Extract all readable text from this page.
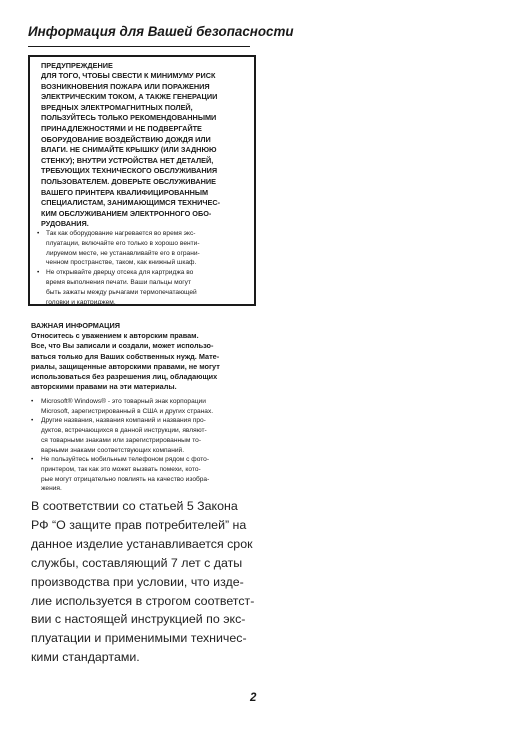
Информация для Вашей безопасности
ПРЕДУПРЕЖДЕНИЕ

ДЛЯ ТОГО, ЧТОБЫ СВЕСТИ К МИНИМУМУ РИСК
ВОЗНИКНОВЕНИЯ ПОЖАРА ИЛИ ПОРАЖЕНИЯ
ЭЛЕКТРИЧЕСКИМ ТОКОМ, А ТАКЖЕ ГЕНЕРАЦИИ
ВРЕДНЫХ ЭЛЕКТРОМАГНИТНЫХ ПОЛЕЙ,
ПОЛЬЗУЙТЕСЬ ТОЛЬКО РЕКОМЕНДОВАННЫМИ
ПРИНАДЛЕЖНОСТЯМИ И НЕ ПОДВЕРГАЙТЕ
ОБОРУДОВАНИЕ ВОЗДЕЙСТВИЮ ДОЖДЯ ИЛИ
ВЛАГИ. НЕ СНИМАЙТЕ КРЫШКУ (ИЛИ ЗАДНЮЮ
СТЕНКУ); ВНУТРИ УСТРОЙСТВА НЕТ ДЕТАЛЕЙ,
ТРЕБУЮЩИХ ТЕХНИЧЕСКОГО ОБСЛУЖИВАНИЯ
ПОЛЬЗОВАТЕЛЕМ. ДОВЕРЬТЕ ОБСЛУЖИВАНИЕ
ВАШЕГО ПРИНТЕРА КВАЛИФИЦИРОВАННЫМ
СПЕЦИАЛИСТАМ, ЗАНИМАЮЩИМСЯ ТЕХНИЧЕС-
КИМ ОБСЛУЖИВАНИЕМ ЭЛЕКТРОННОГО ОБО-
РУДОВАНИЯ.

• Так как оборудование нагревается во время экс-
плуатации, включайте его только в хорошо венти-
лируемом месте, не устанавливайте его в ограни-
ченном пространстве, таком, как книжный шкаф.
• Не открывайте дверцу отсека для картриджа во
время выполнения печати. Ваши пальцы могут
быть зажаты между рычагами термопечатающей
головки и картриджем.
ВАЖНАЯ ИНФОРМАЦИЯ

Относитесь с уважением к авторским правам.
Все, что Вы записали и создали, может использо-
ваться только для Ваших собственных нужд. Мате-
риалы, защищенные авторскими правами, не могут
использоваться без разрешения лиц, обладающих
авторскими правами на эти материалы.

• Microsoft® Windows® - это товарный знак корпорации
Microsoft, зарегистрированный в США и других странах.
• Другие названия, названия компаний и названия про-
дуктов, встречающихся в данной инструкции, являют-
ся товарными знаками или зарегистрированным то-
варными знаками соответствующих компаний.
• Не пользуйтесь мобильным телефоном рядом с фото-
принтером, так как это может вызвать помехи, кото-
рые могут отрицательно повлиять на качество изобра-
жения.

В соответствии со статьей 5 Закона
РФ “О защите прав потребителей” на
данное изделие устанавливается срок
службы, составляющий 7 лет с даты
производства при условии, что изде-
лие используется в строгом соответст-
вии с настоящей инструкцией по экс-
плуатации и применимыми техничес-
кими стандартами.

2
